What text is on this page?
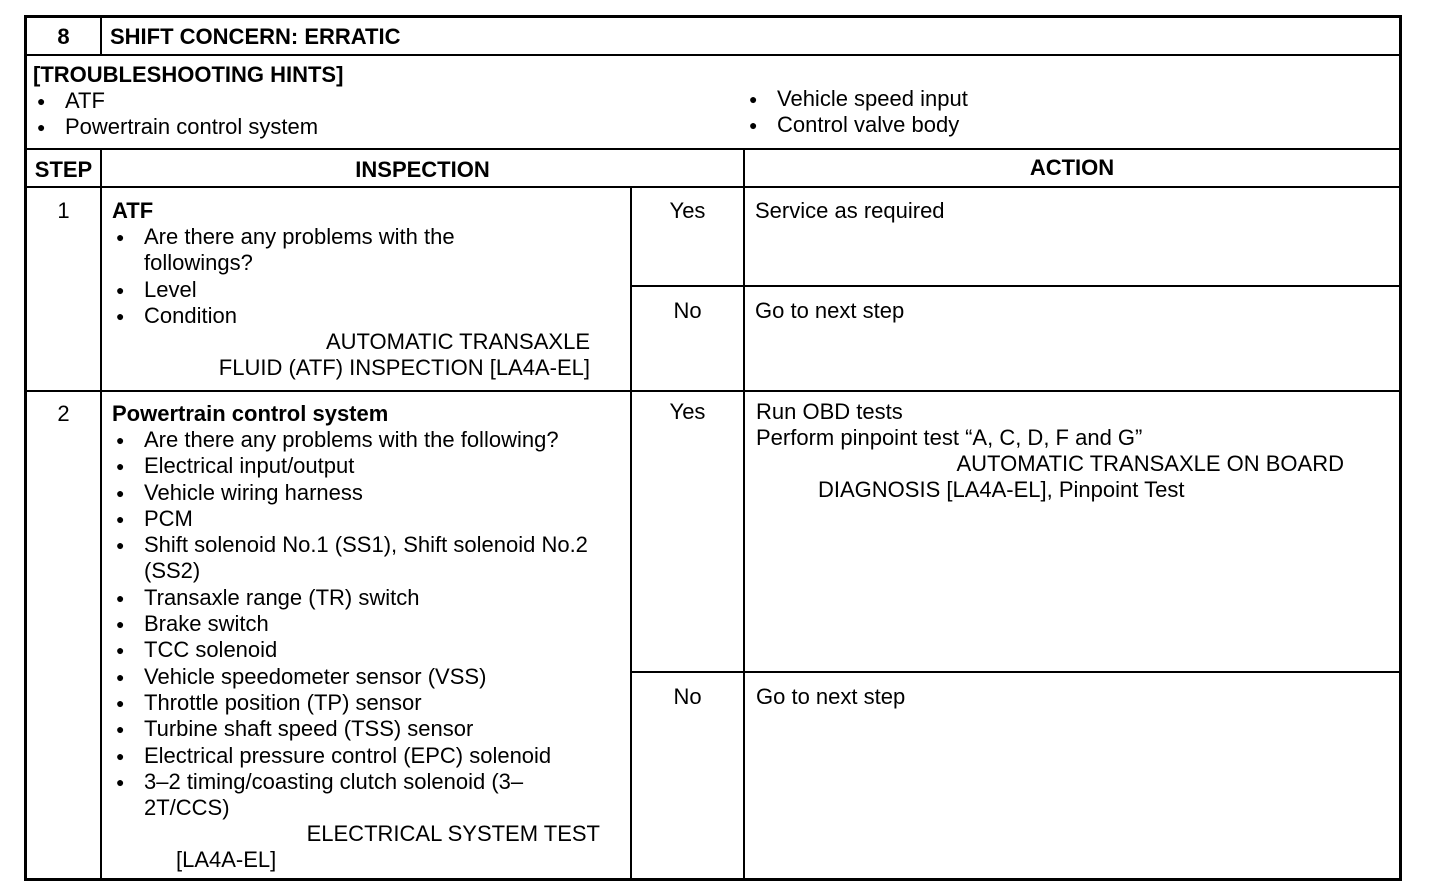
8	SHIFT CONCERN: ERRATIC
[TROUBLESHOOTING HINTS]
● ATF
● Powertrain control system
● Vehicle speed input
● Control valve body
STEP	INSPECTION	ACTION
1	ATF
● Are there any problems with the followings?
● Level
● Condition
AUTOMATIC TRANSAXLE
FLUID (ATF) INSPECTION [LA4A-EL]
Yes	Service as required
No	Go to next step
2	Powertrain control system
● Are there any problems with the following?
● Electrical input/output
● Vehicle wiring harness
● PCM
● Shift solenoid No.1 (SS1), Shift solenoid No.2 (SS2)
● Transaxle range (TR) switch
● Brake switch
● TCC solenoid
● Vehicle speedometer sensor (VSS)
● Throttle position (TP) sensor
● Turbine shaft speed (TSS) sensor
● Electrical pressure control (EPC) solenoid
● 3–2 timing/coasting clutch solenoid (3–2T/CCS)
ELECTRICAL SYSTEM TEST
[LA4A-EL]
Yes	Run OBD tests
Perform pinpoint test “A, C, D, F and G”
AUTOMATIC TRANSAXLE ON BOARD
DIAGNOSIS [LA4A-EL], Pinpoint Test
No	Go to next step
